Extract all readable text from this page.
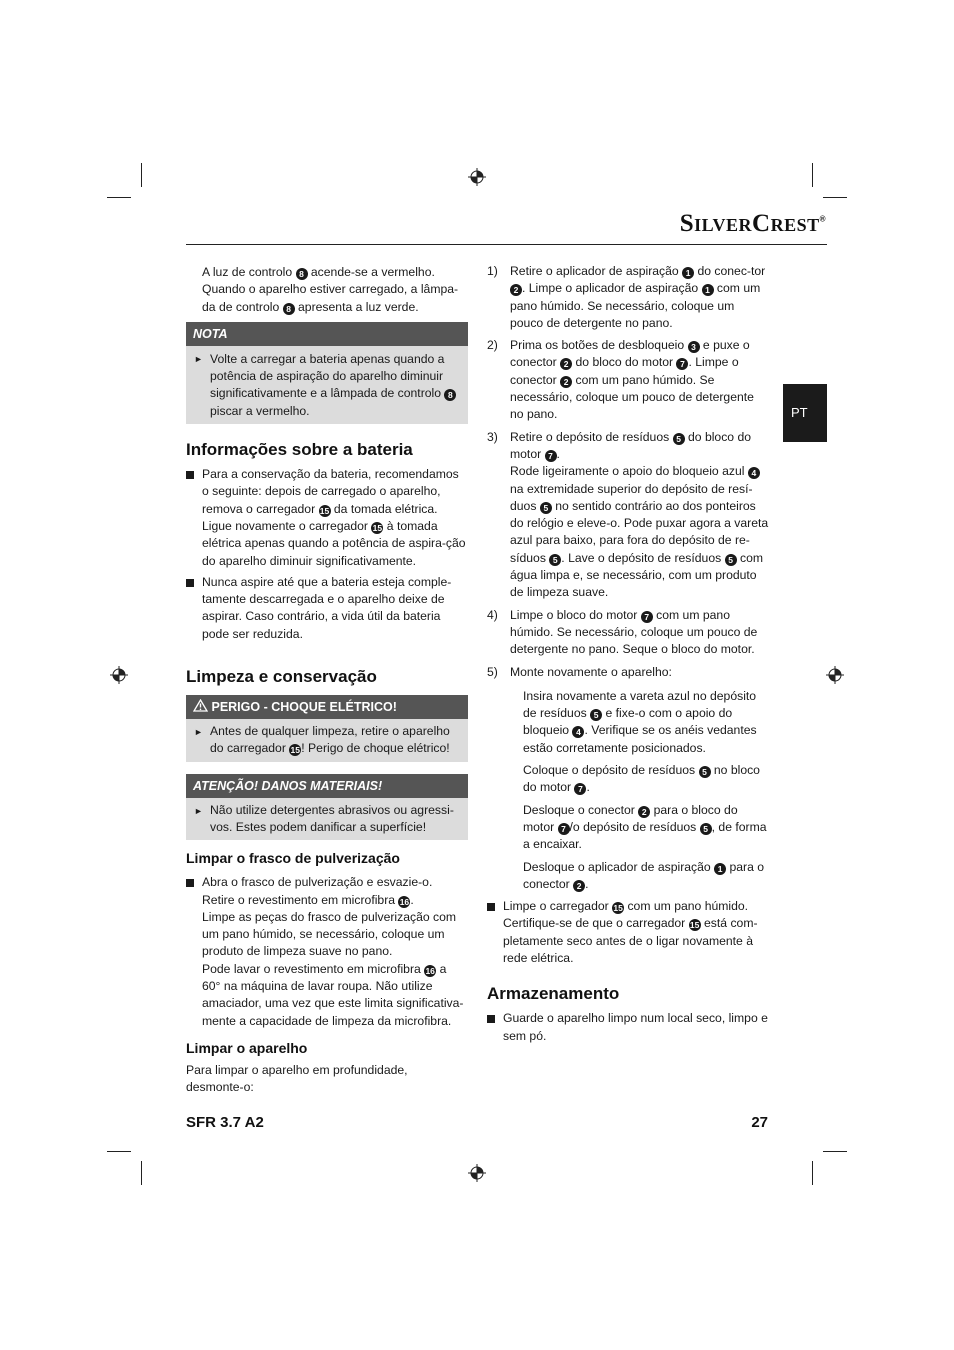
SilverCrest®
PT

A luz de controlo 8 acende-se a vermelho. Quando o aparelho estiver carregado, a lâmpa-da de controlo 8 apresenta a luz verde.

NOTA
► Volte a carregar a bateria apenas quando a potência de aspiração do aparelho diminuir significativamente e a lâmpada de controlo 8 piscar a vermelho.
Informações sobre a bateria
Para a conservação da bateria, recomendamos o seguinte: depois de carregado o aparelho, remova o carregador 15 da tomada elétrica. Ligue novamente o carregador 15 à tomada elétrica apenas quando a potência de aspira-ção do aparelho diminuir significativamente.
Nunca aspire até que a bateria esteja comple-tamente descarregada e o aparelho deixe de aspirar. Caso contrário, a vida útil da bateria pode ser reduzida.
Limpeza e conservação
PERIGO - CHOQUE ELÉTRICO!
► Antes de qualquer limpeza, retire o aparelho do carregador 15! Perigo de choque elétrico!
ATENÇÃO! DANOS MATERIAIS!
► Não utilize detergentes abrasivos ou agressi-vos. Estes podem danificar a superfície!
Limpar o frasco de pulverização
Abra o frasco de pulverização e esvazie-o. Retire o revestimento em microfibra 16.
Limpe as peças do frasco de pulverização com um pano húmido, se necessário, coloque um produto de limpeza suave no pano.
Pode lavar o revestimento em microfibra 16 a 60° na máquina de lavar roupa. Não utilize amaciador, uma vez que este limita significativa-mente a capacidade de limpeza da microfibra.
Limpar o aparelho

Para limpar o aparelho em profundidade, desmonte-o:

1) Retire o aplicador de aspiração 1 do conec-tor 2 . Limpe o aplicador de aspiração 1 com um pano húmido. Se necessário, coloque um pouco de detergente no pano.
2) Prima os botões de desbloqueio 3 e puxe o conector 2 do bloco do motor 7 . Limpe o conector 2 com um pano húmido. Se necessário, coloque um pouco de detergente no pano.
3) Retire o depósito de resíduos 5 do bloco do motor 7 .
Rode ligeiramente o apoio do bloqueio azul 4 na extremidade superior do depósito de resí-duos 5 no sentido contrário ao dos ponteiros do relógio e eleve-o. Pode puxar agora a vareta azul para baixo, para fora do depósito de re-síduos 5 . Lave o depósito de resíduos 5 com água limpa e, se necessário, com um produto de limpeza suave.
4) Limpe o bloco do motor 7 com um pano húmido. Se necessário, coloque um pouco de detergente no pano. Seque o bloco do motor.
5) Monte novamente o aparelho:
Insira novamente a vareta azul no depósito de resíduos 5 e fixe-o com o apoio do bloqueio 4 . Verifique se os anéis vedantes estão corretamente posicionados.
Coloque o depósito de resíduos 5 no bloco do motor 7 .
Desloque o conector 2 para o bloco do motor 7 /o depósito de resíduos 5 , de forma a encaixar.
Desloque o aplicador de aspiração 1 para o conector 2 .
Limpe o carregador 15 com um pano húmido. Certifique-se de que o carregador 15 está com-pletamente seco antes de o ligar novamente à rede elétrica.
Armazenamento
Guarde o aparelho limpo num local seco, limpo e sem pó.
SFR 3.7 A2	27
